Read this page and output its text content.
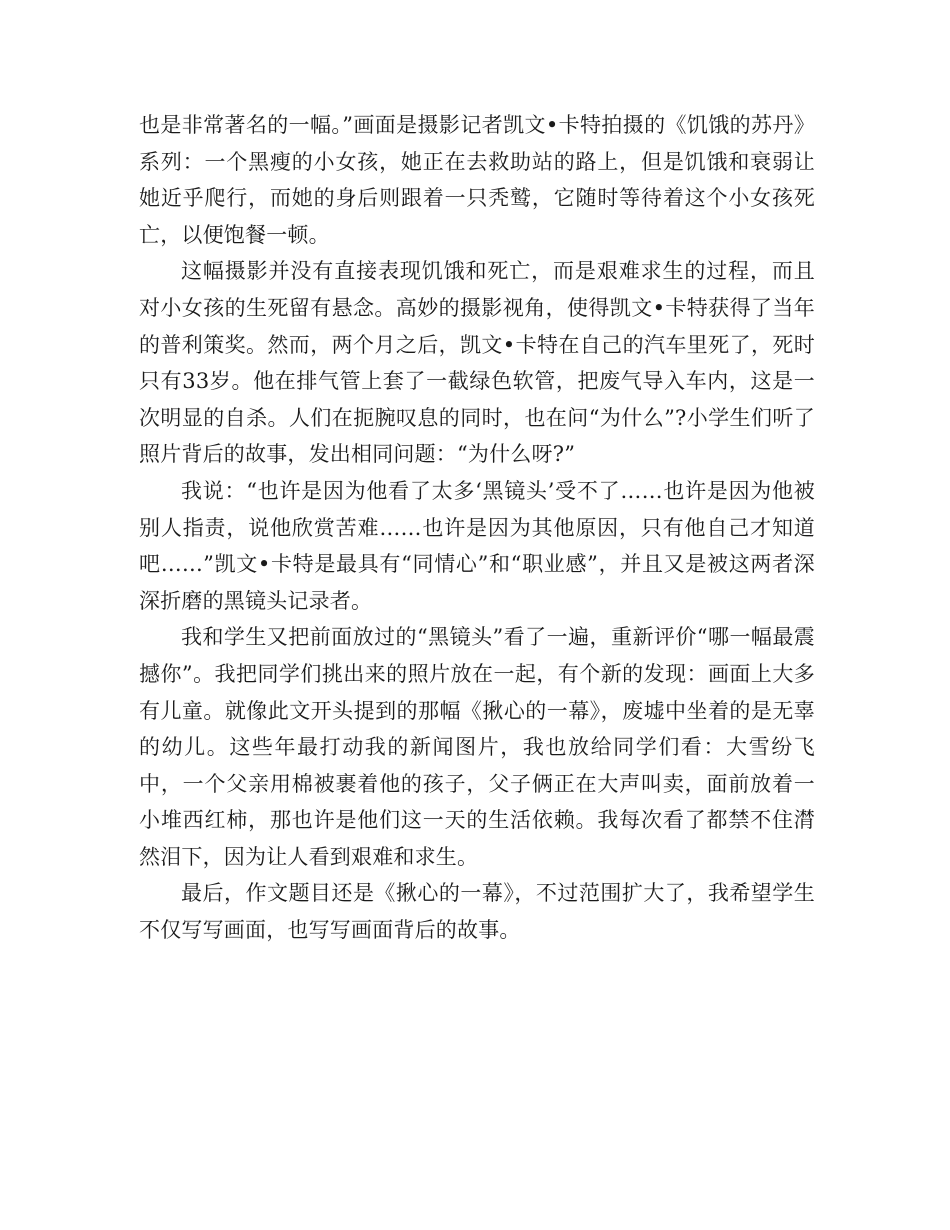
也是非常著名的一幅。”画面是摄影记者凯文•卡特拍摄的《饥饿的苏丹》系列：一个黑瘦的小女孩，她正在去救助站的路上，但是饥饿和衰弱让她近乎爬行，而她的身后则跟着一只秃鹫，它随时等待着这个小女孩死亡，以便饱餐一顿。

这幅摄影并没有直接表现饥饿和死亡，而是艰难求生的过程，而且对小女孩的生死留有悬念。高妙的摄影视角，使得凯文•卡特获得了当年的普利策奖。然而，两个月之后，凯文•卡特在自己的汽车里死了，死时只有33岁。他在排气管上套了一截绿色软管，把废气导入车内，这是一次明显的自杀。人们在扼腕叹息的同时，也在问“为什么”?小学生们听了照片背后的故事，发出相同问题：“为什么呀?”

我说：“也许是因为他看了太多‘黑镜头’受不了……也许是因为他被别人指责，说他欣赏苦难……也许是因为其他原因，只有他自己才知道吧……”凯文•卡特是最具有“同情心”和“职业感”，并且又是被这两者深深折磨的黑镜头记录者。

我和学生又把前面放过的“黑镜头”看了一遍，重新评价“哪一幅最震撼你”。我把同学们挑出来的照片放在一起，有个新的发现：画面上大多有儿童。就像此文开头提到的那幅《揪心的一幕》，废墟中坐着的是无辜的幼儿。这些年最打动我的新闻图片，我也放给同学们看：大雪纷飞中，一个父亲用棉被裹着他的孩子，父子俩正在大声叫卖，面前放着一小堆西红柿，那也许是他们这一天的生活依赖。我每次看了都禁不住潸然泪下，因为让人看到艰难和求生。

最后，作文题目还是《揪心的一幕》，不过范围扩大了，我希望学生不仅写写画面，也写写画面背后的故事。
